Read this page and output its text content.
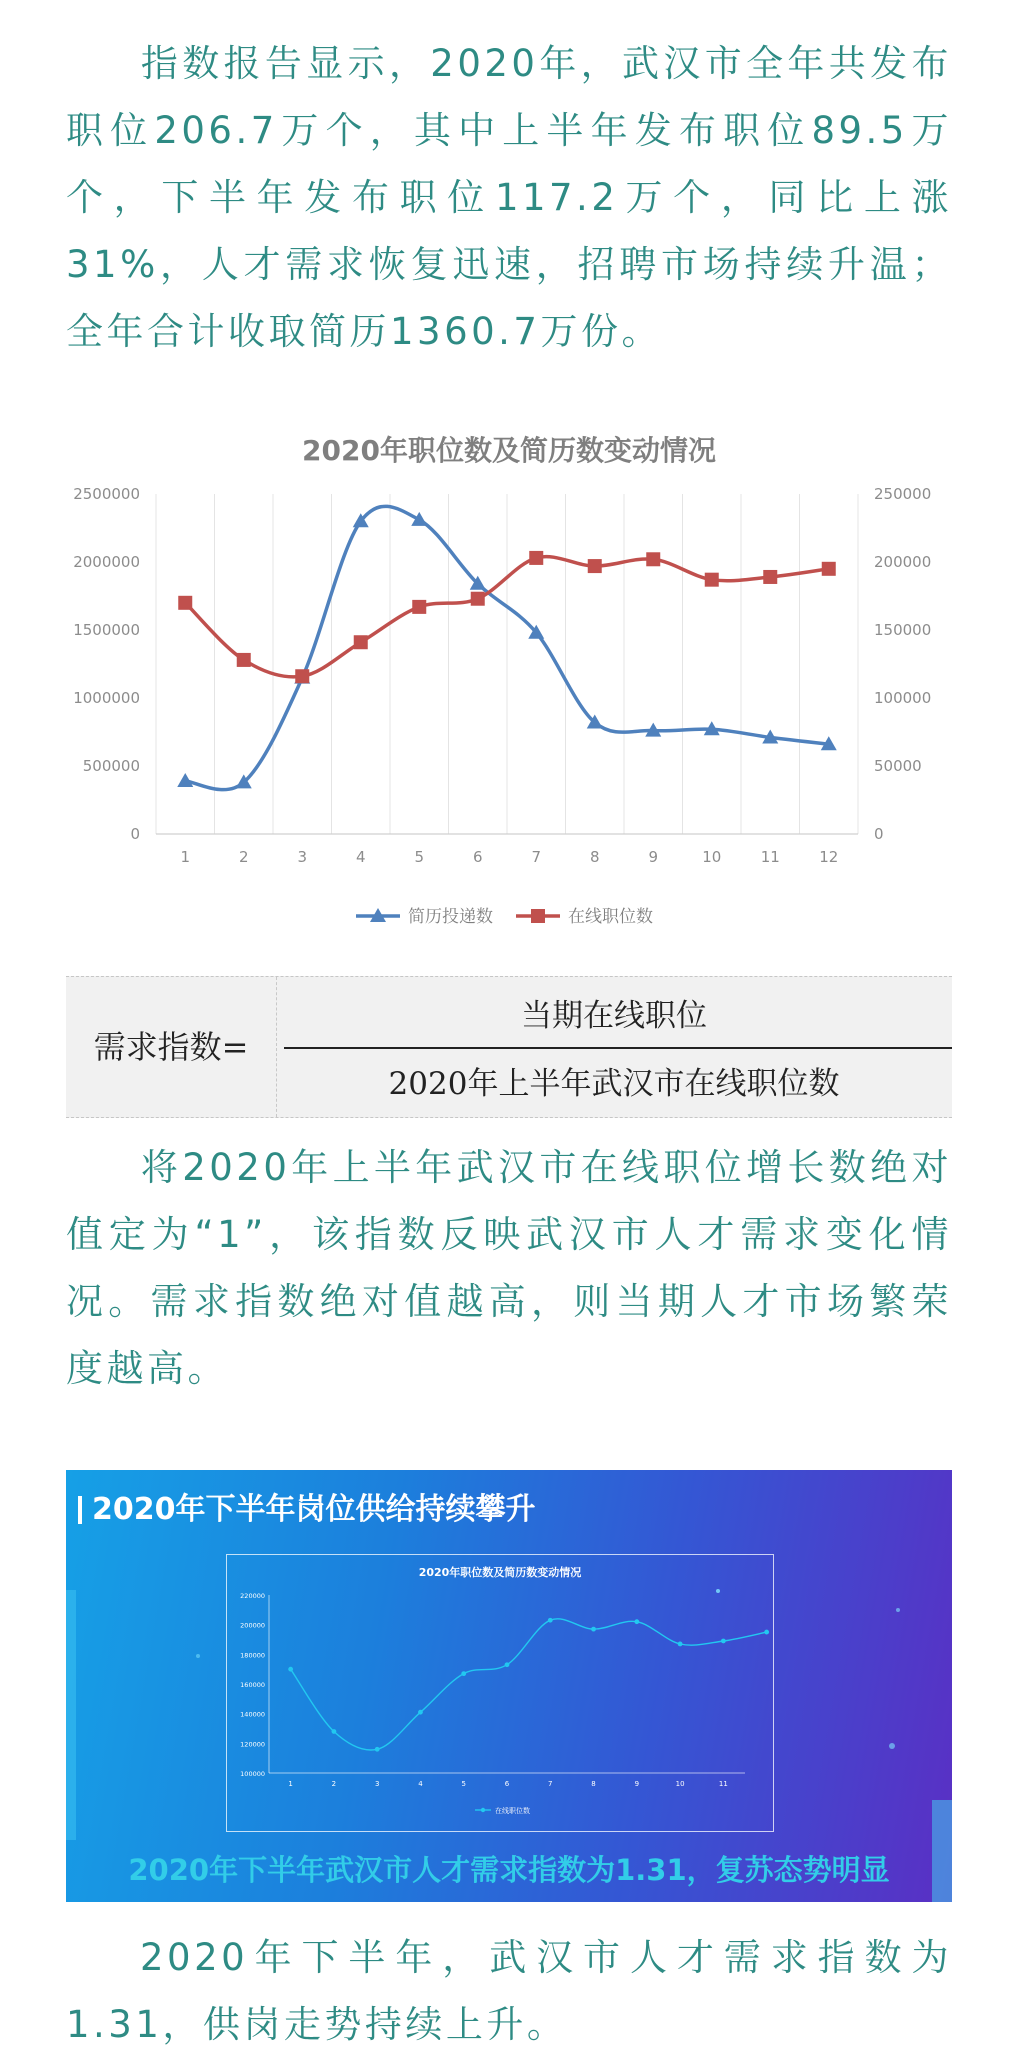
指数报告显示，2020年，武汉市全年共发布职位206.7万个，其中上半年发布职位89.5万个，下半年发布职位117.2万个，同比上涨31%，人才需求恢复迅速，招聘市场持续升温；全年合计收取简历1360.7万份。
2020年职位数及简历数变动情况
2500000
2000000
1500000
1000000
500000
0
250000
200000
150000
100000
50000
0
1	2	3	4	5	6	7	8	9	10	11	12
简历投递数	在线职位数
需求指数=
当期在线职位
2020年上半年武汉市在线职位数
将2020年上半年武汉市在线职位增长数绝对值定为“1”，该指数反映武汉市人才需求变化情况。需求指数绝对值越高，则当期人才市场繁荣度越高。
2020年下半年岗位供给持续攀升
2020年职位数及简历数变动情况
220000
200000
180000
160000
140000
120000
100000
1	2	3	4	5	6	7	8	9	10	11
在线职位数
2020年下半年武汉市人才需求指数为1.31，复苏态势明显
2020年下半年，武汉市人才需求指数为1.31，供岗走势持续上升。
